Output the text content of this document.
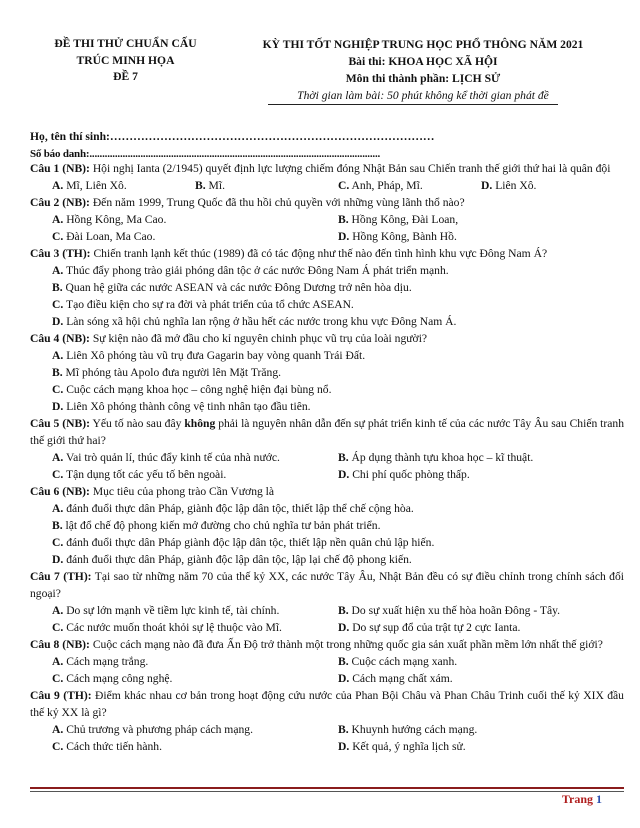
ĐỀ THI THỬ CHUẨN CẤU
TRÚC MINH HỌA
ĐỀ 7
KỲ THI TỐT NGHIỆP TRUNG HỌC PHỔ THÔNG NĂM 2021
Bài thi: KHOA HỌC XÃ HỘI
Môn thi thành phần: LỊCH SỬ
Thời gian làm bài: 50 phút không kể thời gian phát đề
Họ, tên thí sinh:…………………………………………………………………………
Số báo danh:..................................................................................................................

Câu 1 (NB): Hội nghị Ianta (2/1945) quyết định lực lượng chiếm đóng Nhật Bản sau Chiến tranh thế giới thứ hai là quân đội

A. Mĩ, Liên Xô.	B. Mĩ.	C. Anh, Pháp, Mĩ.	D. Liên Xô.

Câu 2 (NB): Đến năm 1999, Trung Quốc đã thu hồi chủ quyền với những vùng lãnh thổ nào?

A. Hồng Kông, Ma Cao.	B. Hồng Kông, Đài Loan,
C. Đài Loan, Ma Cao.	D. Hồng Kông, Bành Hồ.

Câu 3 (TH): Chiến tranh lạnh kết thúc (1989) đã có tác động như thế nào đến tình hình khu vực Đông Nam Á?

A. Thúc đẩy phong trào giải phóng dân tộc ở các nước Đông Nam Á phát triển mạnh.
B. Quan hệ giữa các nước ASEAN và các nước Đông Dương trở nên hòa dịu.
C. Tạo điều kiện cho sự ra đời và phát triển của tổ chức ASEAN.
D. Làn sóng xã hội chủ nghĩa lan rộng ở hầu hết các nước trong khu vực Đông Nam Á.

Câu 4 (NB): Sự kiện nào đã mở đầu cho kỉ nguyên chinh phục vũ trụ của loài người?

A. Liên Xô phóng tàu vũ trụ đưa Gagarin bay vòng quanh Trái Đất.
B. Mĩ phóng tàu Apolo đưa người lên Mặt Trăng.
C. Cuộc cách mạng khoa học – công nghệ hiện đại bùng nổ.
D. Liên Xô phóng thành công vệ tinh nhân tạo đầu tiên.

Câu 5 (NB): Yếu tố nào sau đây không phải là nguyên nhân dẫn đến sự phát triển kinh tế của các nước Tây Âu sau Chiến tranh thế giới thứ hai?

A. Vai trò quản lí, thúc đẩy kinh tế của nhà nước.	B. Áp dụng thành tựu khoa học – kĩ thuật.
C. Tận dụng tốt các yếu tố bên ngoài.	D. Chi phí quốc phòng thấp.

Câu 6 (NB): Mục tiêu của phong trào Cần Vương là

A. đánh đuổi thực dân Pháp, giành độc lập dân tộc, thiết lập thể chế cộng hòa.
B. lật đổ chế độ phong kiến mở đường cho chủ nghĩa tư bản phát triển.
C. đánh đuổi thực dân Pháp giành độc lập dân tộc, thiết lập nền quân chủ lập hiến.
D. đánh đuổi thực dân Pháp, giành độc lập dân tộc, lập lại chế độ phong kiến.

Câu 7 (TH): Tại sao từ những năm 70 của thế kỷ XX, các nước Tây Âu, Nhật Bản đều có sự điều chỉnh trong chính sách đối ngoại?

A. Do sự lớn mạnh về tiềm lực kinh tế, tài chính.	B. Do sự xuất hiện xu thế hòa hoãn Đông - Tây.
C. Các nước muốn thoát khỏi sự lệ thuộc vào Mĩ.	D. Do sự sụp đổ của trật tự 2 cực Ianta.

Câu 8 (NB): Cuộc cách mạng nào đã đưa Ấn Độ trở thành một trong những quốc gia sản xuất phần mềm lớn nhất thế giới?

A. Cách mạng trắng.	B. Cuộc cách mạng xanh.
C. Cách mạng công nghệ.	D. Cách mạng chất xám.

Câu 9 (TH): Điểm khác nhau cơ bản trong hoạt động cứu nước của Phan Bội Châu và Phan Châu Trinh cuối thế kỷ XIX đầu thế kỷ XX là gì?

A. Chủ trương và phương pháp cách mạng.	B. Khuynh hướng cách mạng.
C. Cách thức tiến hành.	D. Kết quả, ý nghĩa lịch sử.
Trang 1
